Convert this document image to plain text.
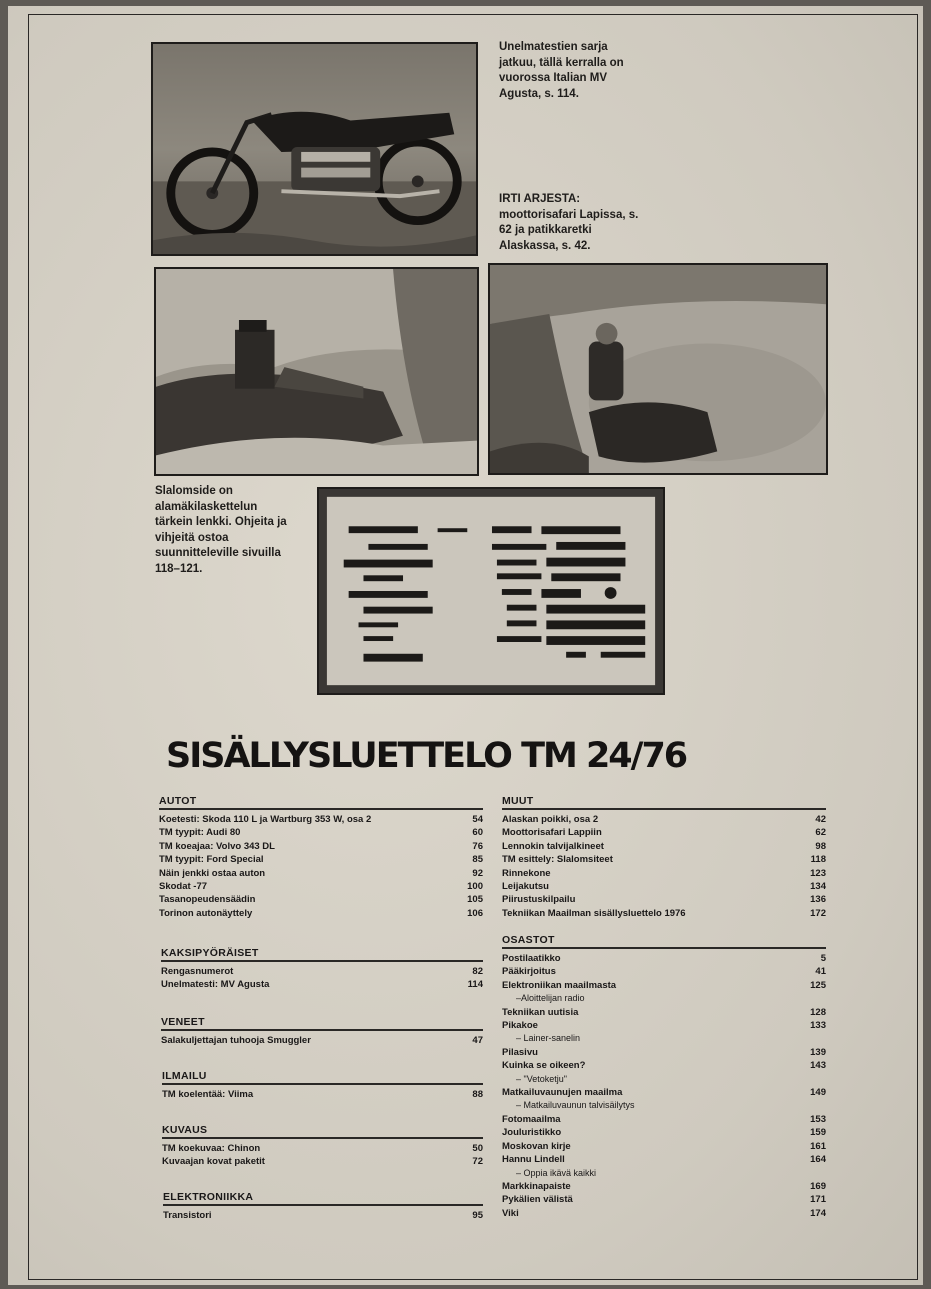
Unelmatestien sarja
jatkuu, tällä kerralla on
vuorossa Italian MV
Agusta, s. 114.
IRTI ARJESTA:
moottorisafari Lapissa, s.
62 ja patikkaretki
Alaskassa, s. 42.
Slalomside on
alamäkilaskettelun
tärkein lenkki. Ohjeita ja
vihjeitä ostoa
suunnitteleville sivuilla
118–121.
SISÄLLYSLUETTELO TM 24/76
AUTOT
Koetesti: Skoda 110 L ja Wartburg 353 W, osa 2	54
TM tyypit: Audi 80	60
TM koeajaa: Volvo 343 DL	76
TM tyypit: Ford Special	85
Näin jenkki ostaa auton	92
Skodat -77	100
Tasanopeudensäädin	105
Torinon autonäyttely	106
KAKSIPYÖRÄISET
Rengasnumerot	82
Unelmatesti: MV Agusta	114
VENEET
Salakuljettajan tuhooja Smuggler	47
ILMAILU
TM koelentää: Viima	88
KUVAUS
TM koekuvaa: Chinon	50
Kuvaajan kovat paketit	72
ELEKTRONIIKKA
Transistori	95
MUUT
Alaskan poikki, osa 2	42
Moottorisafari Lappiin	62
Lennokin talvijalkineet	98
TM esittely: Slalomsiteet	118
Rinnekone	123
Leijakutsu	134
Piirustuskilpailu	136
Tekniikan Maailman sisällysluettelo 1976	172
OSASTOT
Postilaatikko	5
Pääkirjoitus	41
Elektroniikan maailmasta	125
–Aloittelijan radio
Tekniikan uutisia	128
Pikakoe	133
– Lainer-sanelin
Pilasivu	139
Kuinka se oikeen?	143
– "Vetoketju"
Matkailuvaunujen maailma	149
– Matkailuvaunun talvisäilytys
Fotomaailma	153
Jouluristikko	159
Moskovan kirje	161
Hannu Lindell	164
– Oppia ikävä kaikki
Markkinapaiste	169
Pykälien välistä	171
Viki	174
